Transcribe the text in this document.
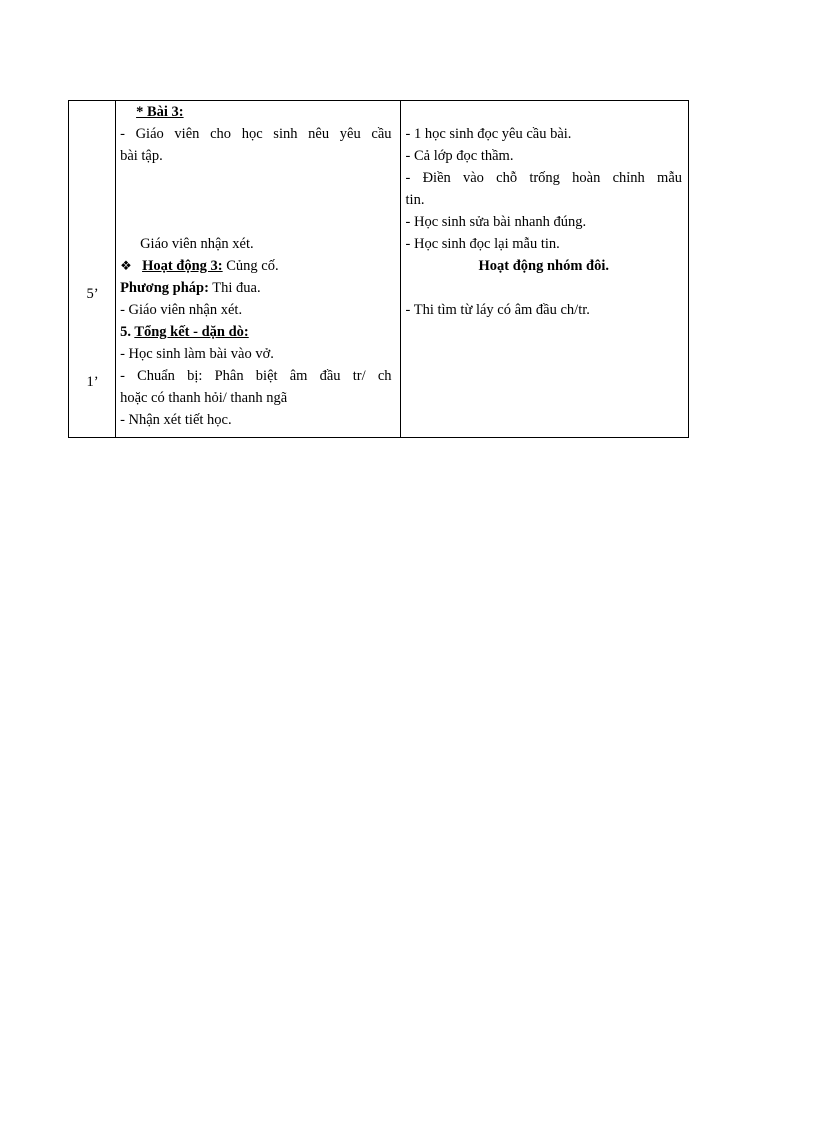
5’
1’

* Bài 3:
- Giáo viên cho học sinh nêu yêu cầu
bài tập.
Giáo viên nhận xét.
❖ Hoạt động 3: Củng cố.
Phương pháp: Thi đua.
- Giáo viên nhận xét.
5. Tổng kết - dặn dò:
- Học sinh làm bài vào vở.
- Chuẩn bị: Phân biệt âm đầu tr/ ch
hoặc có thanh hỏi/ thanh ngã
- Nhận xét tiết học.

- 1 học sinh đọc yêu cầu bài.
- Cả lớp đọc thầm.
- Điền vào chỗ trống hoàn chỉnh mẫu
tin.
- Học sinh sửa bài nhanh đúng.
- Học sinh đọc lại mẫu tin.
Hoạt động nhóm đôi.
- Thi tìm từ láy có âm đầu ch/tr.
